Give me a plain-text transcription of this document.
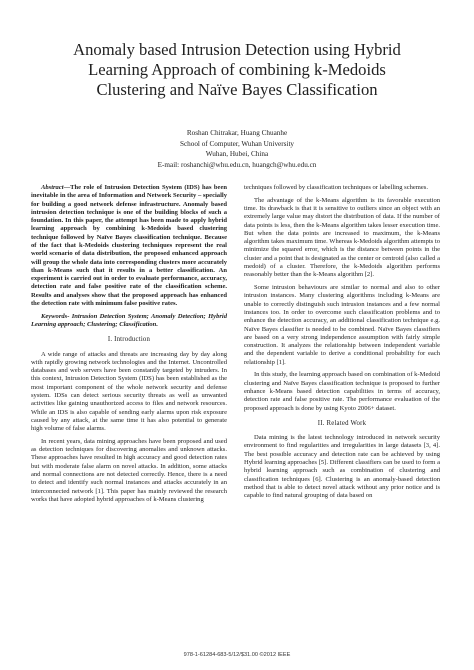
Anomaly based Intrusion Detection using Hybrid
Learning Approach of combining k-Medoids
Clustering and Naïve Bayes Classification
Roshan Chitrakar, Huang Chuanhe
School of Computer, Wuhan University
Wuhan, Hubei, China
E-mail: roshanchi@whu.edu.cn, huangch@whu.edu.cn

Abstract—The role of Intrusion Detection System (IDS) has been inevitable in the area of Information and Network Security – specially for building a good network defense infrastructure. Anomaly based intrusion detection technique is one of the building blocks of such a foundation. In this paper, the attempt has been made to apply hybrid learning approach by combining k-Medoids based clustering technique followed by Naïve Bayes classification technique. Because of the fact that k-Medoids clustering techniques represent the real world scenario of data distribution, the proposed enhanced approach will group the whole data into corresponding clusters more accurately than k-Means such that it results in a better classification. An experiment is carried out in order to evaluate performance, accuracy, detection rate and false positive rate of the classification scheme. Results and analyses show that the proposed approach has enhanced the detection rate with minimum false positive rates.

Keywords- Intrusion Detection System; Anomaly Detection; Hybrid Learning approach; Clustering; Classification.

I. Introduction

A wide range of attacks and threats are increasing day by day along with rapidly growing network technologies and the Internet. Uncontrolled databases and web servers have been constantly targeted by intruders. In this context, Intrusion Detection System (IDS) has been established as the most important component of the whole network security and defense system. IDSs can detect serious security threats as well as unwanted activities like gaining unauthorized access to files and network resources. While an IDS is also capable of sending early alarms upon risk exposure caused by any attack, at the same time it has also potential to generate high volume of false alarms.

In recent years, data mining approaches have been proposed and used as detection techniques for discovering anomalies and unknown attacks. These approaches have resulted in high accuracy and good detection rates but with moderate false alarm on novel attacks. In addition, some attacks and normal connections are not detected correctly. Hence, there is a need to detect and identify such normal instances and attacks accurately in an interconnected network [1]. This paper has mainly reviewed the research works that have adopted hybrid approaches of k-Means clustering

techniques followed by classification techniques or labelling schemes.

The advantage of the k-Means algorithm is its favorable execution time. Its drawback is that it is sensitive to outliers since an object with an extremely large value may distort the distribution of data. If the number of data points is less, then the k-Means algorithm takes lesser execution time. But when the data points are increased to maximum, the k-Means algorithm takes maximum time. Whereas k-Medoids algorithm attempts to minimize the squared error, which is the distance between points in the cluster and a point that is designated as the center or centroid (also called a medoid) of a cluster. Therefore, the k-Medoids algorithm performs reasonably better than the k-Means algorithm [2].

Some intrusion behaviours are similar to normal and also to other intrusion instances. Many clustering algorithms including k-Means are unable to correctly distinguish such intrusion instances and a few normal instances too. In order to overcome such classification problems and to enhance the detection accuracy, an additional classification technique e.g. Naïve Bayes classifier is needed to be combined. Naïve Bayes classifiers are based on a very strong independence assumption with fairly simple construction. It analyzes the relationship between independent variable and the dependent variable to derive a conditional probability for each relationship [1].

In this study, the learning approach based on combination of k-Medoid clustering and Naïve Bayes classification technique is proposed to further enhance k-Means based detection capabilities in terms of accuracy, detection rate and false positive rate. The performance evaluation of the proposed approach is done by using Kyoto 2006+ dataset.

II. Related Work

Data mining is the latest technology introduced in network security environment to find regularities and irregularities in large datasets [3, 4]. The best possible accuracy and detection rate can be achieved by using Hybrid learning approaches [5]. Different classifiers can be used to form a hybrid learning approach such as combination of clustering and classification techniques [6]. Clustering is an anomaly-based detection method that is able to detect novel attack without any prior notice and is capable to find natural grouping of data based on

978-1-61284-683-5/12/$31.00 ©2012 IEEE
